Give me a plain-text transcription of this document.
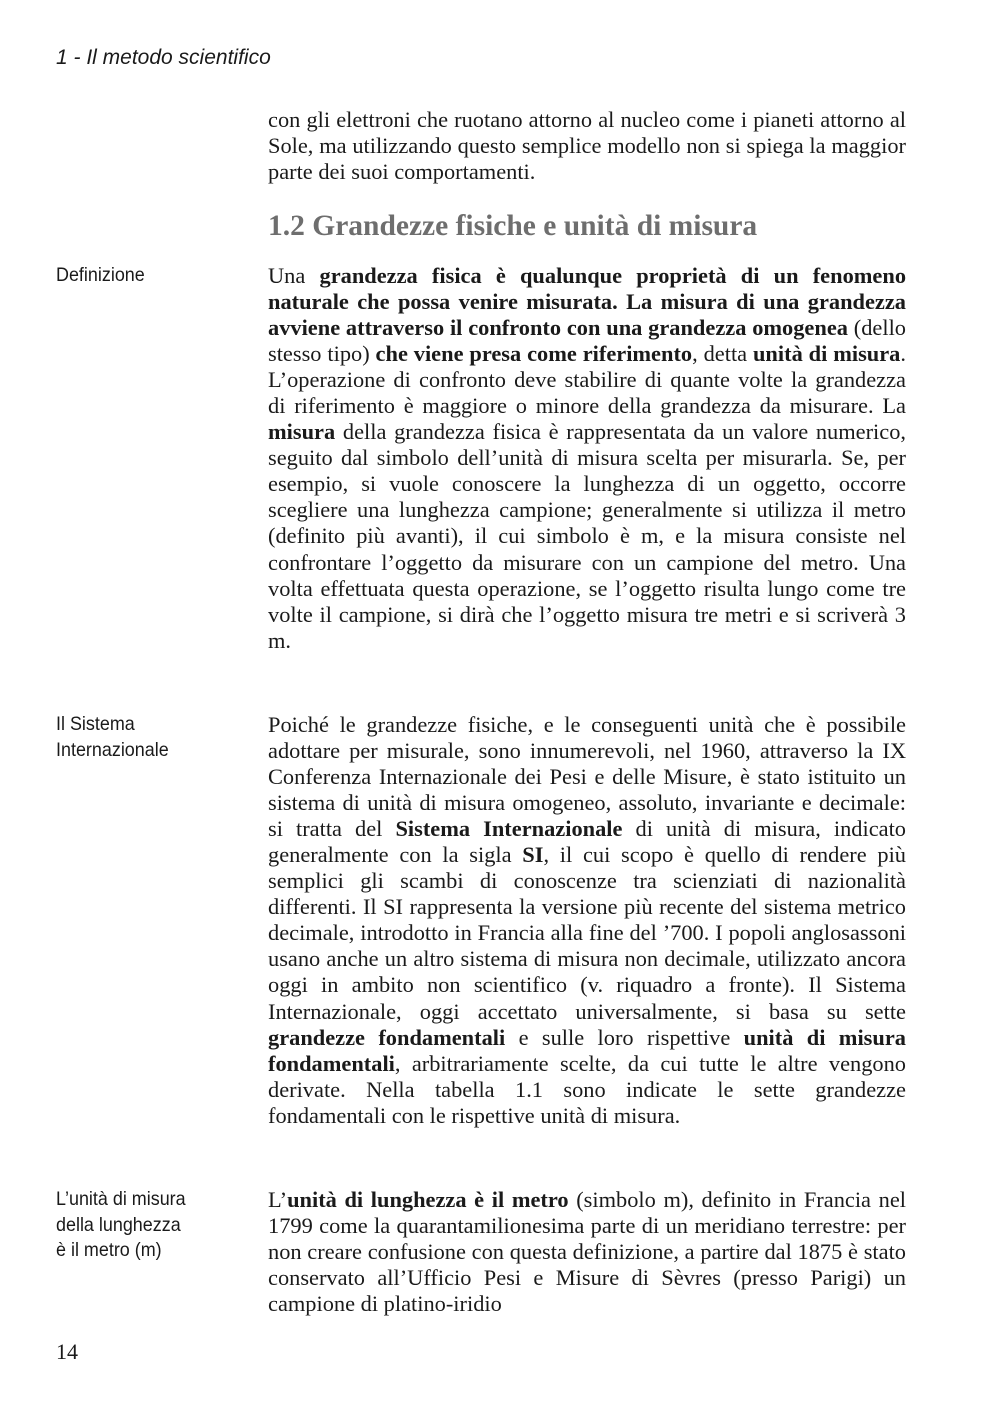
1 - Il metodo scientifico

con gli elettroni che ruotano attorno al nucleo come i pianeti attorno al Sole, ma utilizzando questo semplice modello non si spiega la maggior parte dei suoi comportamenti.

1.2 Grandezze fisiche e unità di misura
Definizione	Una grandezza fisica è qualunque proprietà di un fenomeno naturale che possa venire misurata. La misura di una grandezza avviene attraverso il confronto con una grandezza omogenea (dello stesso tipo) che viene presa come riferimento, detta unità di misura. L’operazione di confronto deve stabilire di quante volte la grandezza di riferimento è maggiore o minore della grandezza da misurare. La misura della grandezza fisica è rappresentata da un valore numerico, seguito dal simbolo dell’unità di misura scelta per misurarla. Se, per esempio, si vuole conoscere la lunghezza di un oggetto, occorre scegliere una lunghezza campione; generalmente si utilizza il metro (definito più avanti), il cui simbolo è m, e la misura consiste nel confrontare l’oggetto da misurare con un campione del metro. Una volta effettuata questa operazione, se l’oggetto risulta lungo come tre volte il campione, si dirà che l’oggetto misura tre metri e si scriverà 3 m.

Il Sistema
Internazionale

Poiché le grandezze fisiche, e le conseguenti unità che è possibile adottare per misurale, sono innumerevoli, nel 1960, attraverso la IX Conferenza Internazionale dei Pesi e delle Misure, è stato istituito un sistema di unità di misura omogeneo, assoluto, invariante e decimale: si tratta del Sistema Internazionale di unità di misura, indicato generalmente con la sigla SI, il cui scopo è quello di rendere più semplici gli scambi di conoscenze tra scienziati di nazionalità differenti. Il SI rappresenta la versione più recente del sistema metrico decimale, introdotto in Francia alla fine del ’700. I popoli anglosassoni usano anche un altro sistema di misura non decimale, utilizzato ancora oggi in ambito non scientifico (v. riquadro a fronte). Il Sistema Internazionale, oggi accettato universalmente, si basa su sette grandezze fondamentali e sulle loro rispettive unità di misura fondamentali, arbitrariamente scelte, da cui tutte le altre vengono derivate. Nella tabella 1.1 sono indicate le sette grandezze fondamentali con le rispettive unità di misura.

L’unità di misura
della lunghezza
è il metro (m)

L’unità di lunghezza è il metro (simbolo m), definito in Francia nel 1799 come la quarantamilionesima parte di un meridiano terrestre: per non creare confusione con questa definizione, a partire dal 1875 è stato conservato all’Ufficio Pesi e Misure di Sèvres (presso Parigi) un campione di platino-iridio

14
